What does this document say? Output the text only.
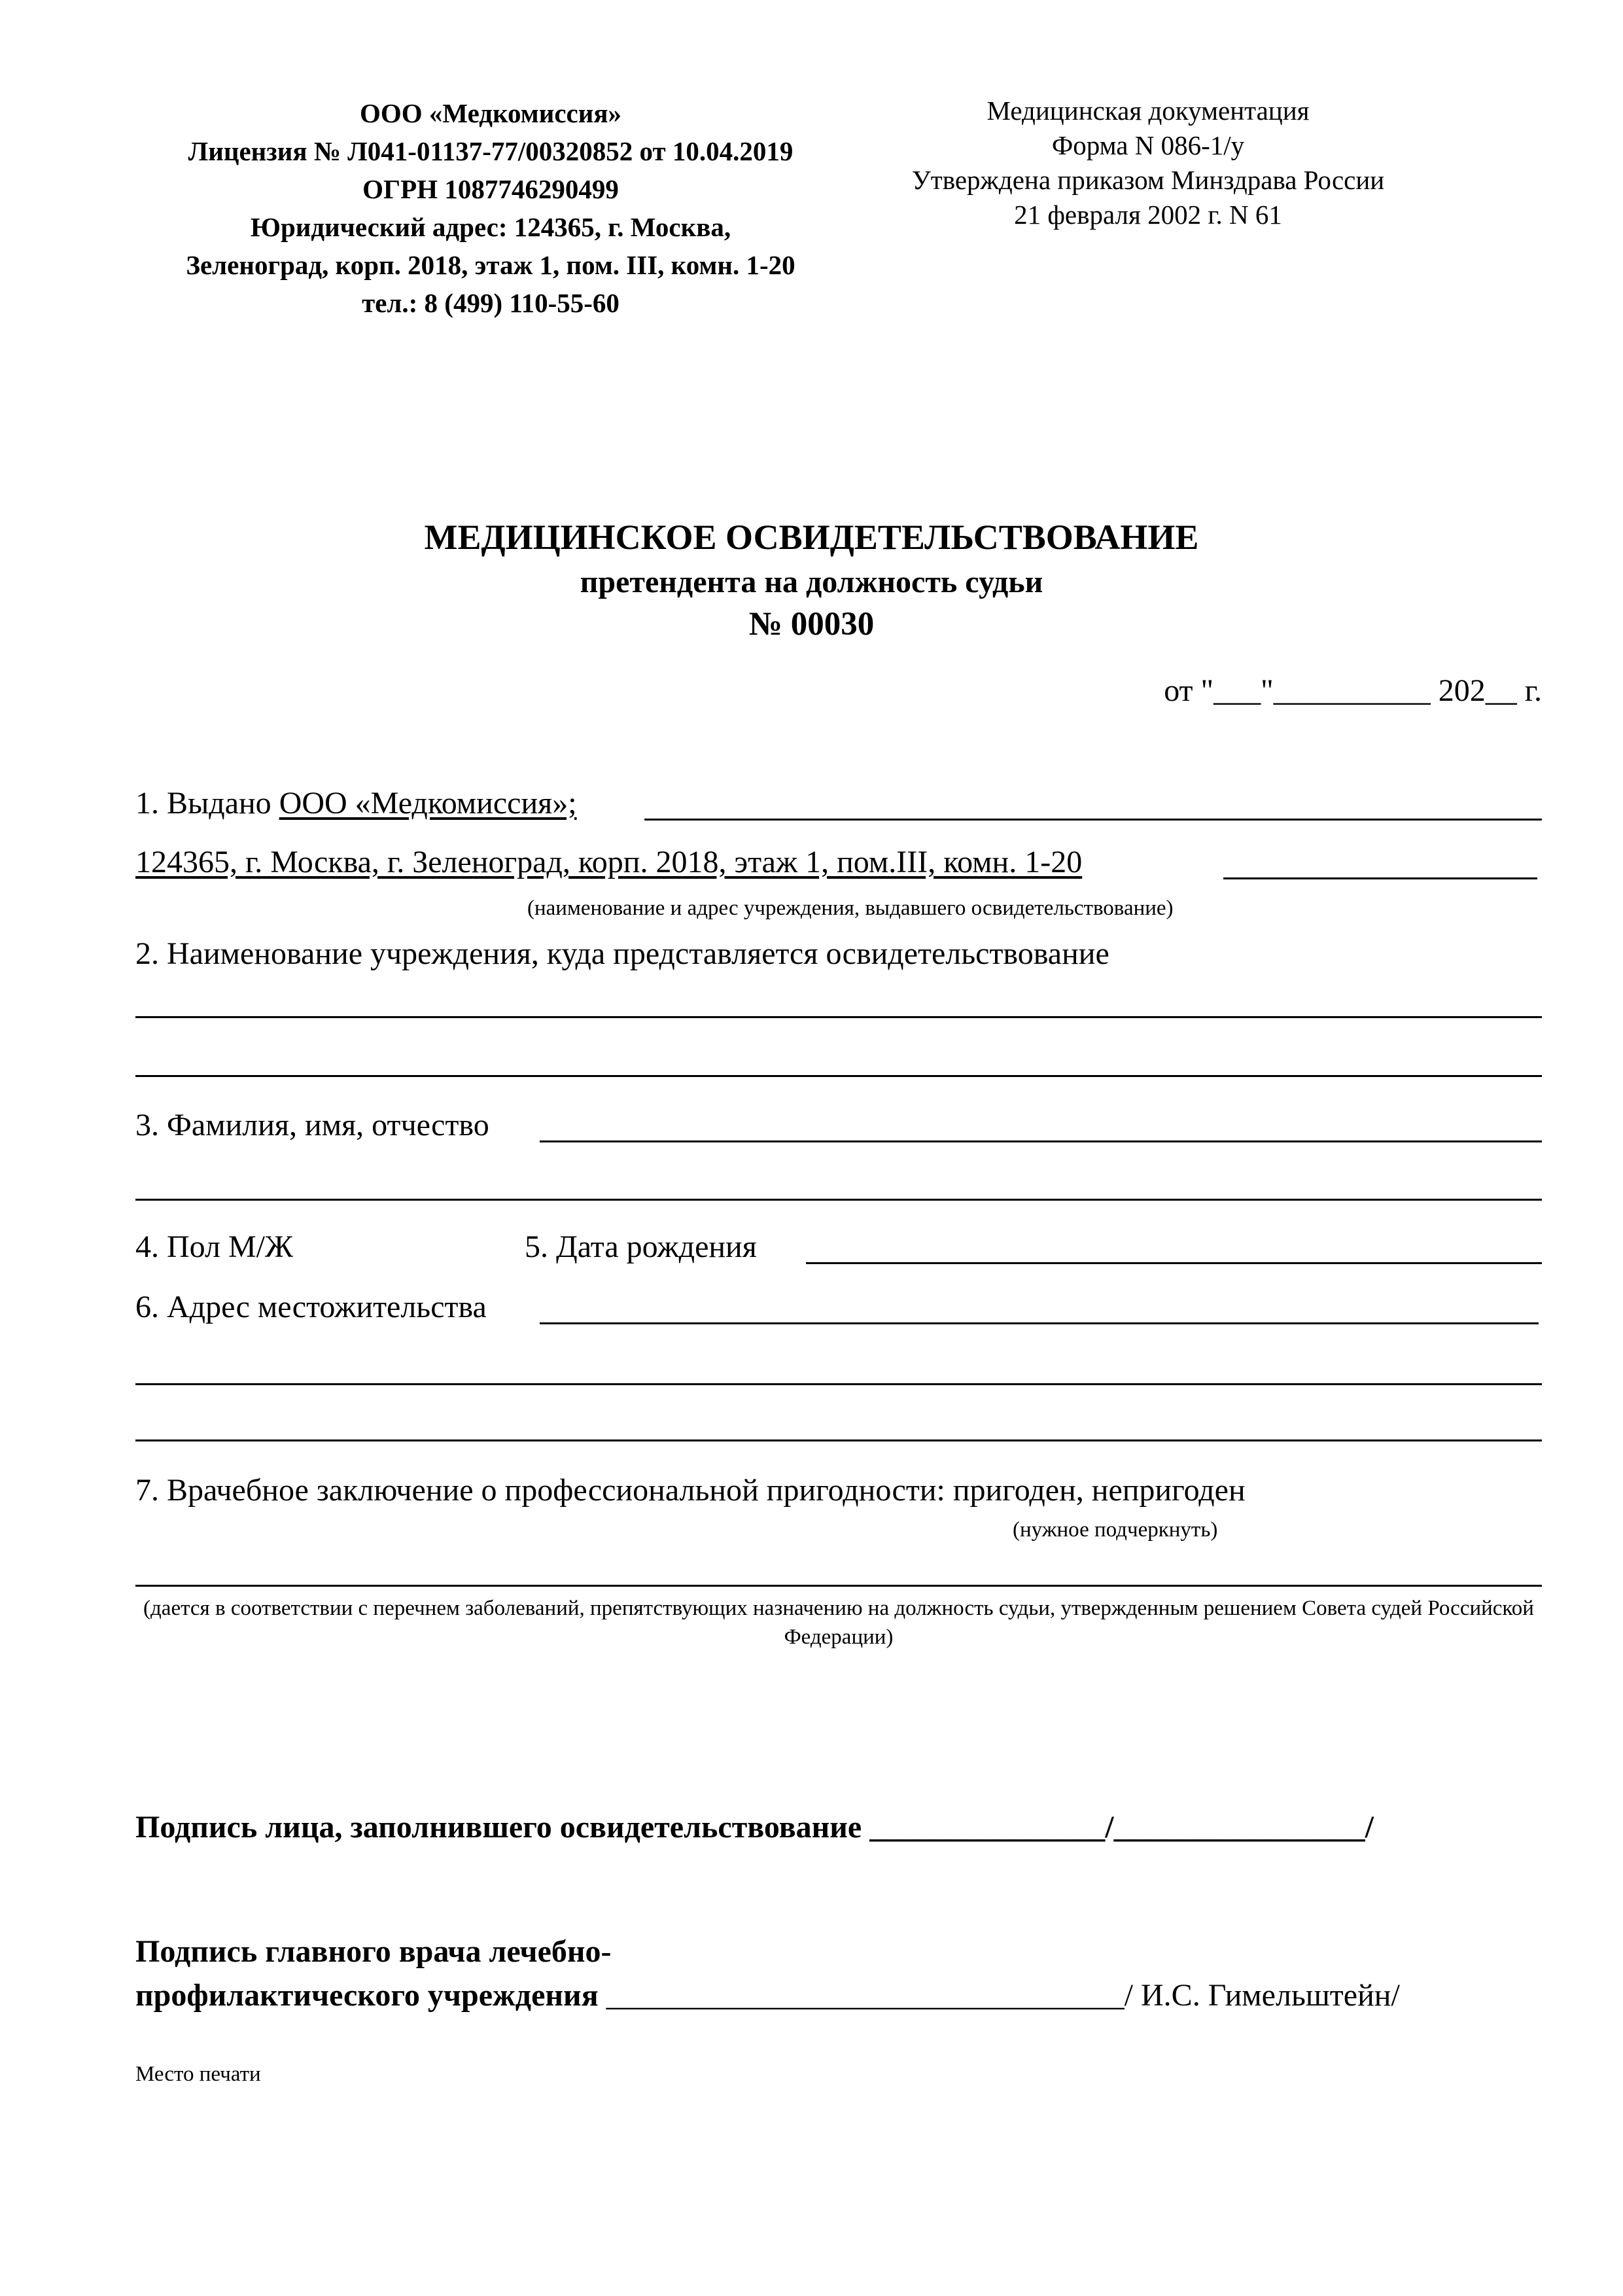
ООО «Медкомиссия»
Лицензия № Л041-01137-77/00320852 от 10.04.2019
ОГРН 1087746290499
Юридический адрес: 124365, г. Москва,
Зеленоград, корп. 2018, этаж 1, пом. III, комн. 1-20
тел.: 8 (499) 110-55-60
Медицинская документация
Форма N 086-1/у
Утверждена приказом Минздрава России
21 февраля 2002 г. N 61
МЕДИЦИНСКОЕ ОСВИДЕТЕЛЬСТВОВАНИЕ
претендента на должность судьи
№ 00030
от "___"__________ 202__ г.
1. Выдано ООО «Медкомиссия»;
124365, г. Москва, г. Зеленоград, корп. 2018, этаж 1, пом.III, комн. 1-20
(наименование и адрес учреждения, выдавшего освидетельствование)
2. Наименование учреждения, куда представляется освидетельствование
3. Фамилия, имя, отчество
4. Пол М/Ж	5. Дата рождения
6. Адрес местожительства
7. Врачебное заключение о профессиональной пригодности: пригоден, непригоден
(нужное подчеркнуть)
(дается в соответствии с перечнем заболеваний, препятствующих назначению на должность судьи, утвержденным решением Совета судей Российской Федерации)
Подпись лица, заполнившего освидетельствование _______________/________________/
Подпись главного врача лечебно-
профилактического учреждения _________________________________/ И.С. Гимельштейн/
Место печати
